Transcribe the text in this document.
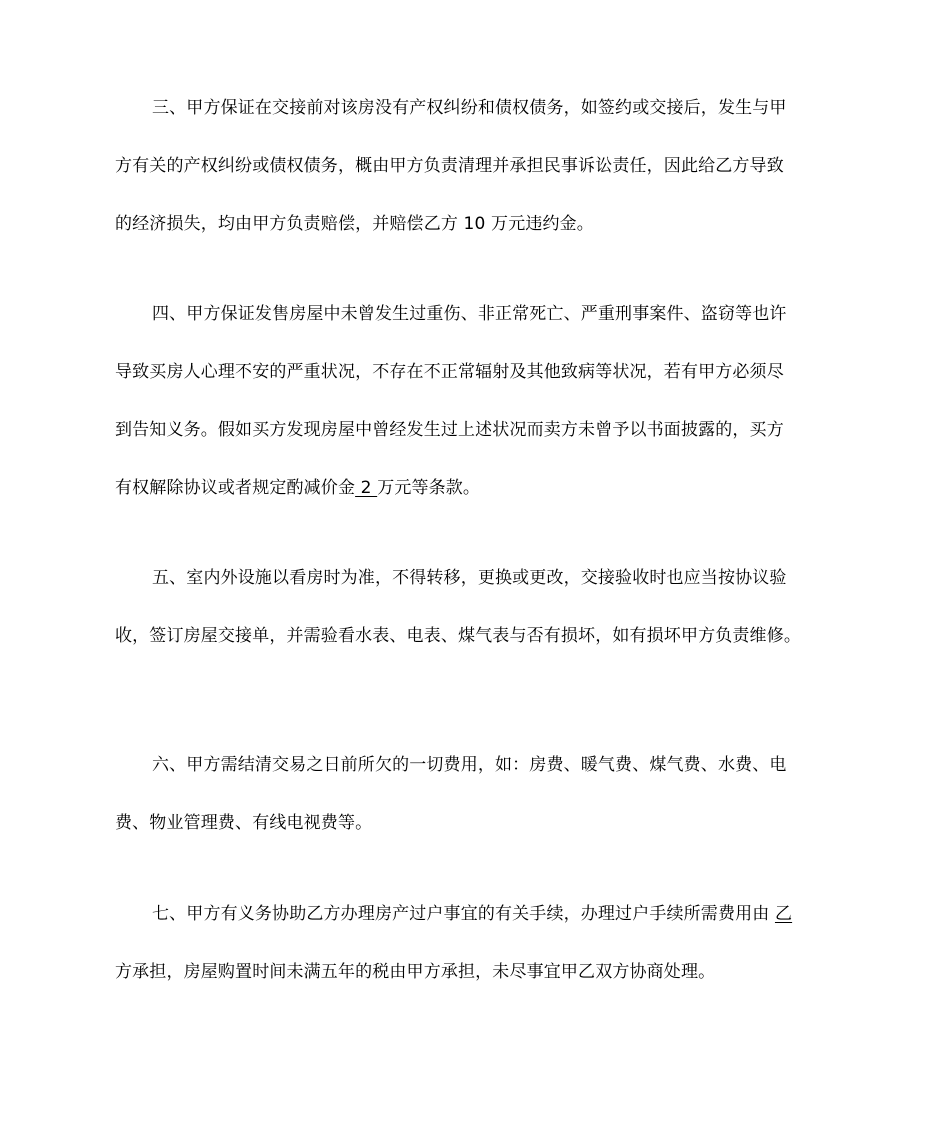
三、甲方保证在交接前对该房没有产权纠纷和债权债务，如签约或交接后，发生与甲
方有关的产权纠纷或债权债务，概由甲方负责清理并承担民事诉讼责任，因此给乙方导致
的经济损失，均由甲方负责赔偿，并赔偿乙方 10 万元违约金。
四、甲方保证发售房屋中未曾发生过重伤、非正常死亡、严重刑事案件、盗窃等也许
导致买房人心理不安的严重状况，不存在不正常辐射及其他致病等状况，若有甲方必须尽
到告知义务。假如买方发现房屋中曾经发生过上述状况而卖方未曾予以书面披露的，买方
有权解除协议或者规定酌减价金 2 万元等条款。
五、室内外设施以看房时为准，不得转移，更换或更改，交接验收时也应当按协议验
收，签订房屋交接单，并需验看水表、电表、煤气表与否有损坏，如有损坏甲方负责维修。
六、甲方需结清交易之日前所欠的一切费用，如：房费、暖气费、煤气费、水费、电
费、物业管理费、有线电视费等。
七、甲方有义务协助乙方办理房产过户事宜的有关手续，办理过户手续所需费用由 乙
方承担，房屋购置时间未满五年的税由甲方承担，未尽事宜甲乙双方协商处理。
